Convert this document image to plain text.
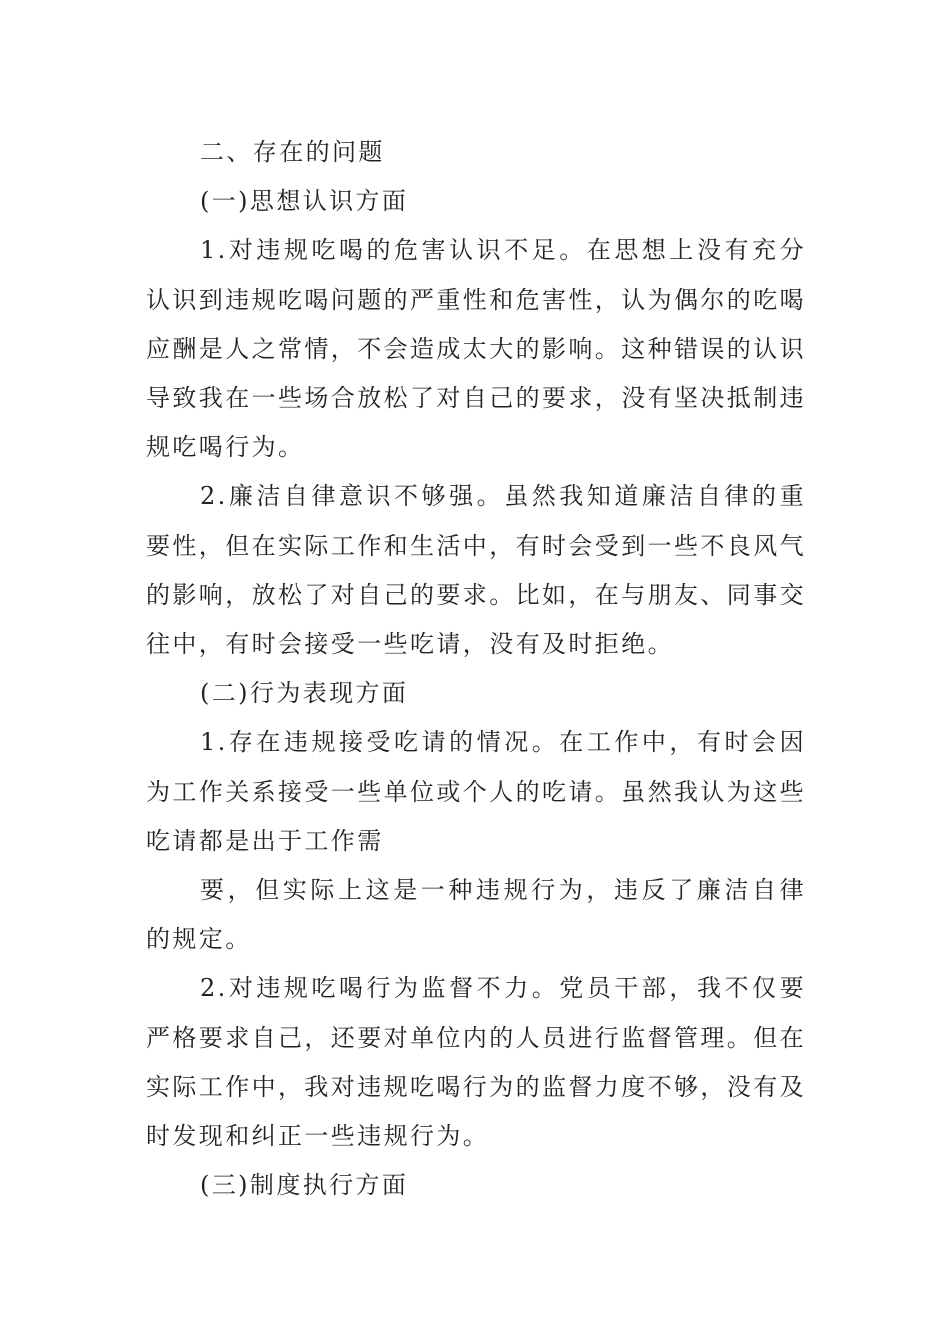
二、存在的问题

(一)思想认识方面

1.对违规吃喝的危害认识不足。在思想上没有充分认识到违规吃喝问题的严重性和危害性，认为偶尔的吃喝应酬是人之常情，不会造成太大的影响。这种错误的认识导致我在一些场合放松了对自己的要求，没有坚决抵制违规吃喝行为。

2.廉洁自律意识不够强。虽然我知道廉洁自律的重要性，但在实际工作和生活中，有时会受到一些不良风气的影响，放松了对自己的要求。比如，在与朋友、同事交往中，有时会接受一些吃请，没有及时拒绝。

(二)行为表现方面

1.存在违规接受吃请的情况。在工作中，有时会因为工作关系接受一些单位或个人的吃请。虽然我认为这些吃请都是出于工作需

要，但实际上这是一种违规行为，违反了廉洁自律的规定。

2.对违规吃喝行为监督不力。党员干部，我不仅要严格要求自己，还要对单位内的人员进行监督管理。但在实际工作中，我对违规吃喝行为的监督力度不够，没有及时发现和纠正一些违规行为。

(三)制度执行方面
